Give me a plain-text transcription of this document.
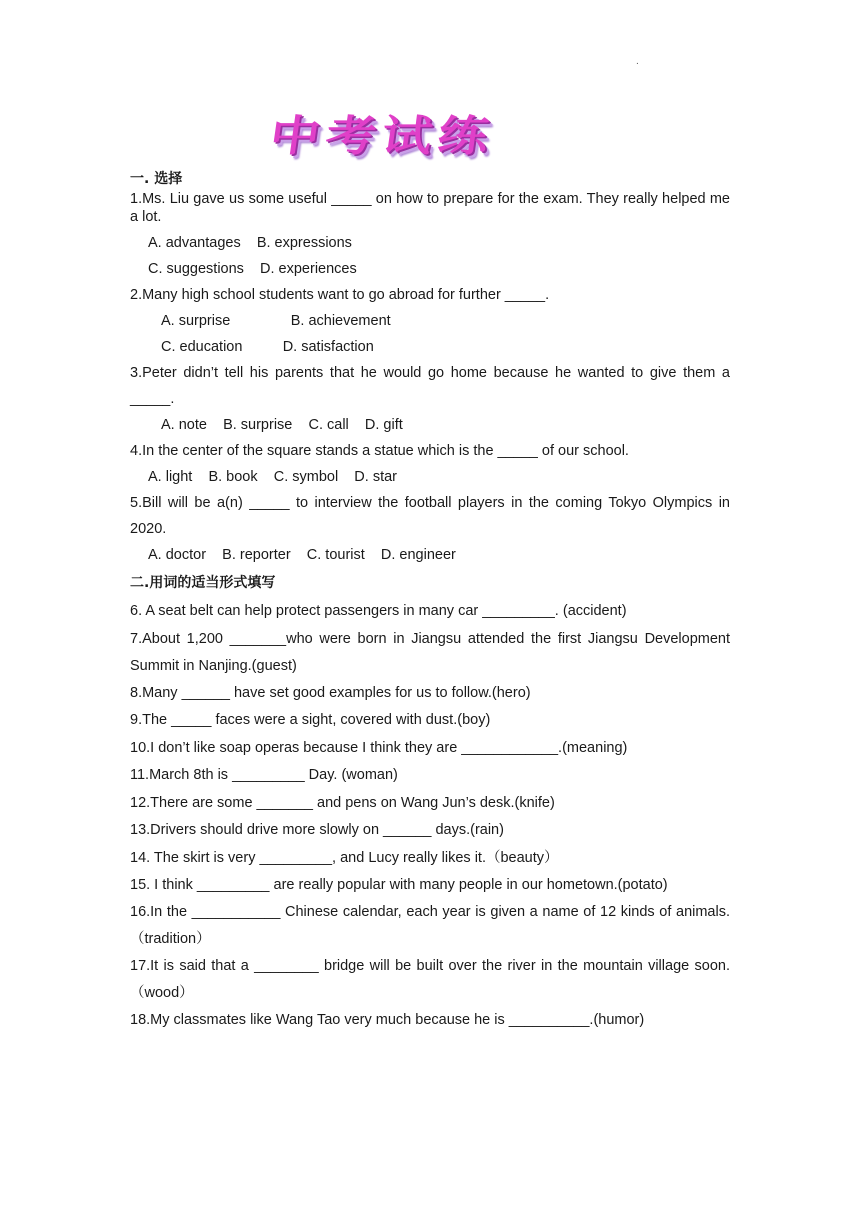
.
中考试练
一. 选择
1.Ms. Liu gave us some useful _____ on how to prepare for the exam. They really helped me a lot.
A. advantages    B. expressions
C. suggestions    D. experiences
2.Many high school students want to go abroad for further _____.
A. surprise               B. achievement
C. education          D. satisfaction
3.Peter didn’t tell his parents that he would go home because he wanted to give them a _____.
A. note    B. surprise    C. call    D. gift
4.In the center of the square stands a statue which is the _____ of our school.
A. light    B. book    C. symbol    D. star
5.Bill will be a(n) _____ to interview the football players in the coming Tokyo Olympics in 2020.
A. doctor    B. reporter    C. tourist    D. engineer
二.用词的适当形式填写
6. A seat belt can help protect passengers in many car _________. (accident)
7.About 1,200 _______who were born in Jiangsu attended the first Jiangsu Development Summit in Nanjing.(guest)
8.Many ______ have set good examples for us to follow.(hero)
9.The _____ faces were a sight, covered with dust.(boy)
10.I don’t like soap operas because I think they are ____________.(meaning)
11.March 8th is _________ Day. (woman)
12.There are some _______ and pens on Wang Jun’s desk.(knife)
13.Drivers should drive more slowly on ______ days.(rain)
14. The skirt is very _________, and Lucy really likes it.（beauty）
15. I think _________ are really popular with many people in our hometown.(potato)
16.In the ___________ Chinese calendar, each year is given a name of 12 kinds of animals.（tradition）
17.It is said that a ________ bridge will be built over the river in the mountain village soon.（wood）
18.My classmates like Wang Tao very much because he is __________.(humor)
